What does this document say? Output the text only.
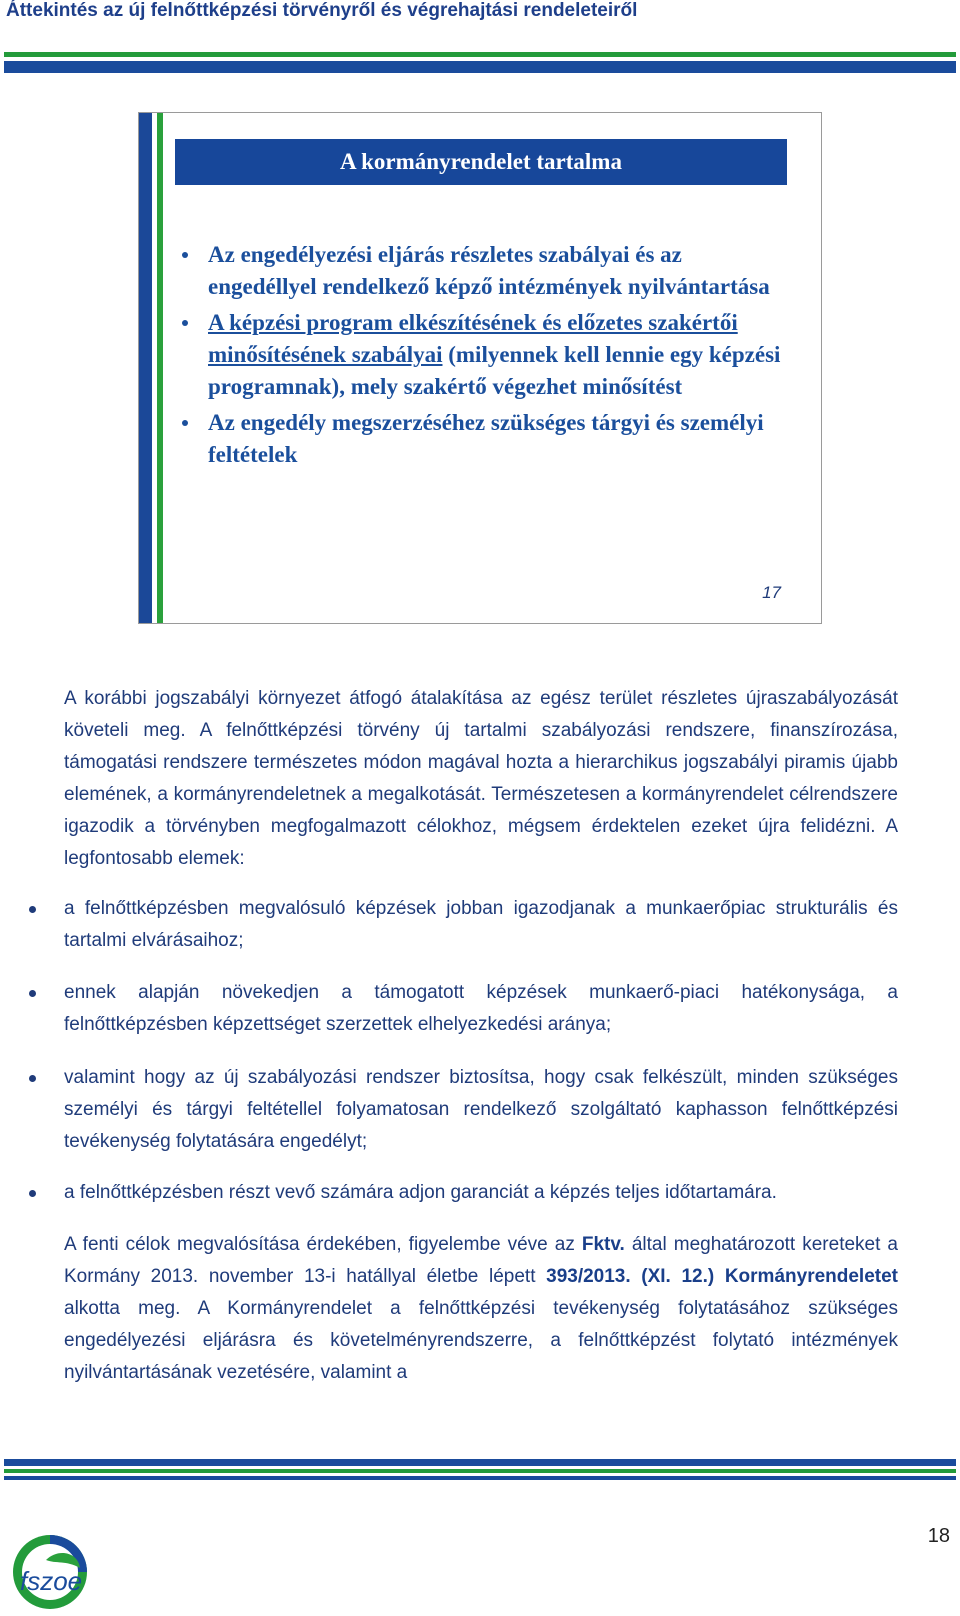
Áttekintés az új felnőttképzési törvényről és végrehajtási rendeleteiről
A kormányrendelet tartalma
Az engedélyezési eljárás részletes szabályai és az engedéllyel rendelkező képző intézmények nyilvántartása
A képzési program elkészítésének és előzetes szakértői minősítésének szabályai (milyennek kell lennie egy képzési programnak), mely szakértő végezhet minősítést
Az engedély megszerzéséhez szükséges tárgyi és személyi feltételek
17

A korábbi jogszabályi környezet átfogó átalakítása az egész terület részletes újraszabályozását követeli meg. A felnőttképzési törvény új tartalmi szabályozási rendszere, finanszírozása, támogatási rendszere természetes módon magával hozta a hierarchikus jogszabályi piramis újabb elemének, a kormányrendeletnek a megalkotását. Természetesen a kormányrendelet célrendszere igazodik a törvényben megfogalmazott célokhoz, mégsem érdektelen ezeket újra felidézni. A legfontosabb elemek:

a felnőttképzésben megvalósuló képzések jobban igazodjanak a munkaerőpiac strukturális és tartalmi elvárásaihoz;

ennek alapján növekedjen a támogatott képzések munkaerő-piaci hatékonysága, a felnőttképzésben képzettséget szerzettek elhelyezkedési aránya;

valamint hogy az új szabályozási rendszer biztosítsa, hogy csak felkészült, minden szükséges személyi és tárgyi feltétellel folyamatosan rendelkező szolgáltató kaphasson felnőttképzési tevékenység folytatására engedélyt;

a felnőttképzésben részt vevő számára adjon garanciát a képzés teljes időtartamára.

A fenti célok megvalósítása érdekében, figyelembe véve az Fktv. által meghatározott kereteket a Kormány 2013. november 13-i hatállyal életbe lépett 393/2013. (XI. 12.) Kormányrendeletet alkotta meg. A Kormányrendelet a felnőttképzési tevékenység folytatásához szükséges engedélyezési eljárásra és követelményrendszerre, a felnőttképzést folytató intézmények nyilvántartásának vezetésére, valamint a

fszoe
18
